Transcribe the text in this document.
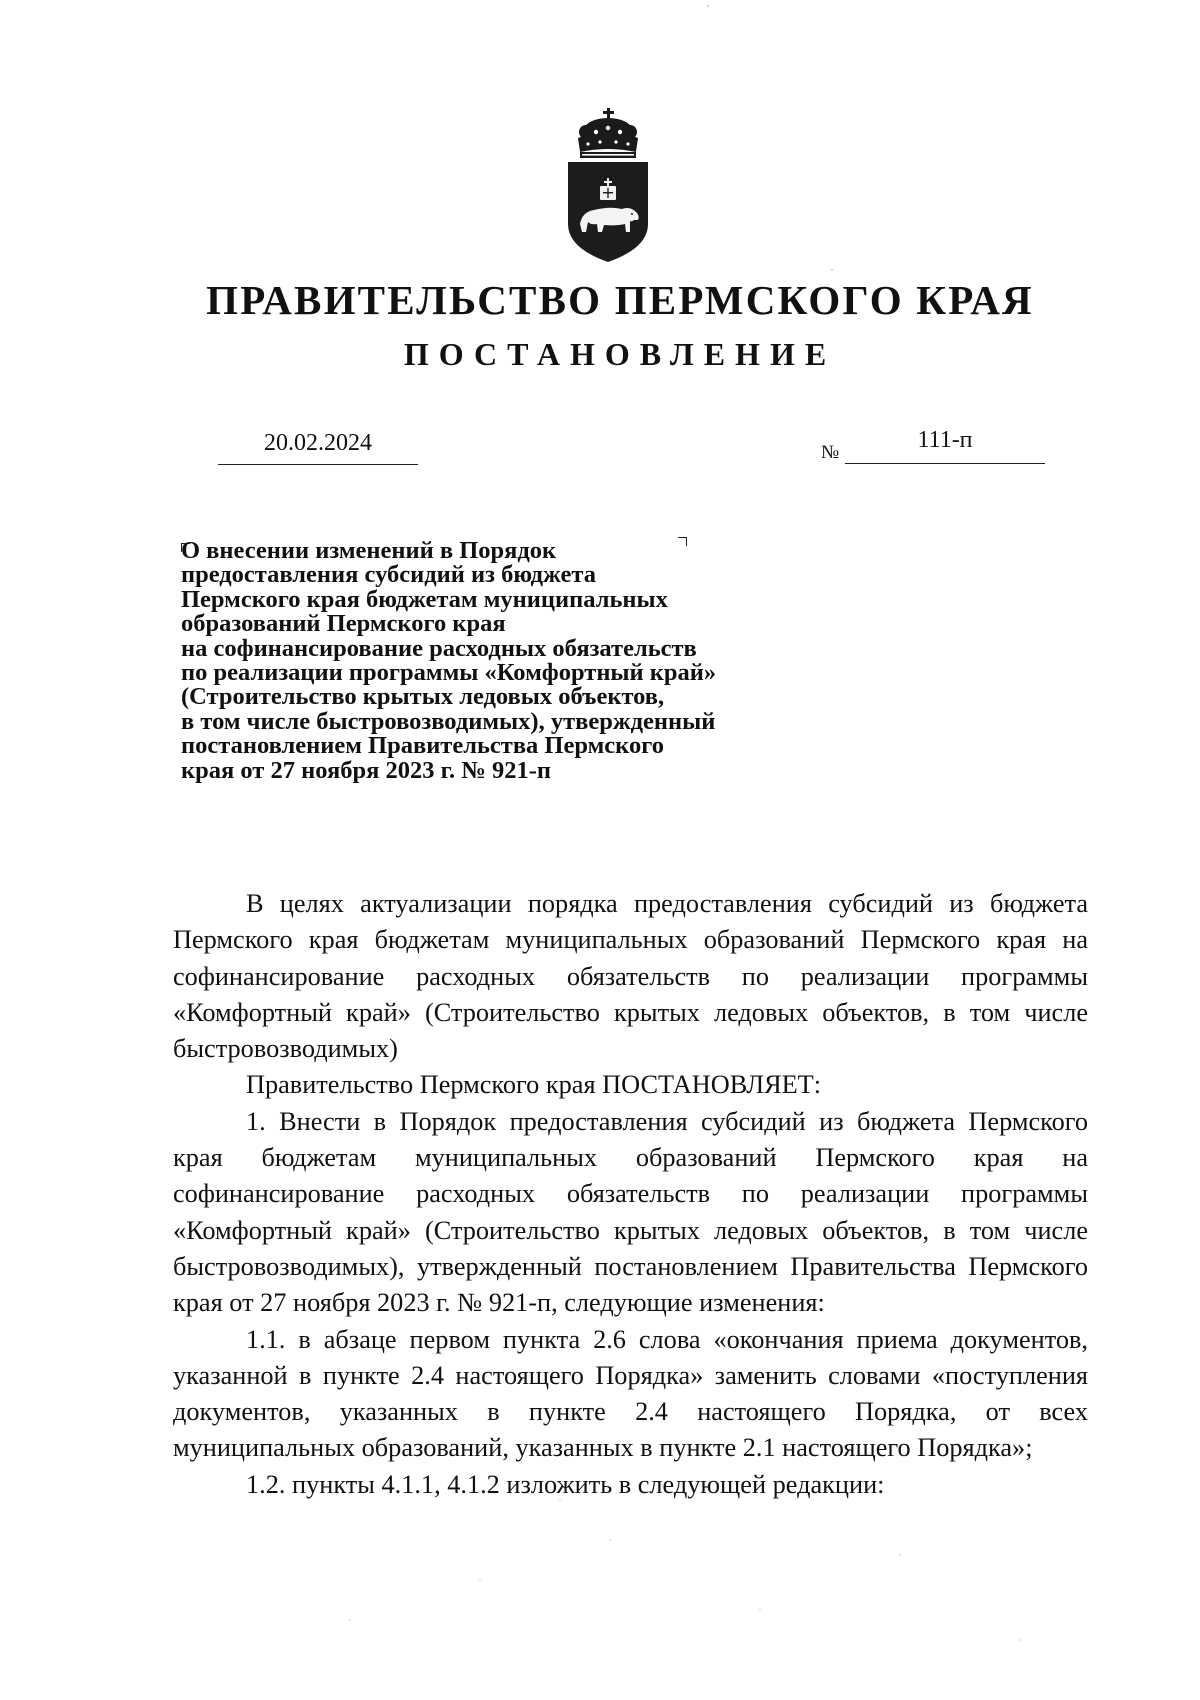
ПРАВИТЕЛЬСТВО ПЕРМСКОГО КРАЯ
ПОСТАНОВЛЕНИЕ
20.02.2024	№	111-п
О внесении изменений в Порядок
предоставления субсидий из бюджета
Пермского края бюджетам муниципальных
образований Пермского края
на софинансирование расходных обязательств
по реализации программы «Комфортный край»
(Строительство крытых ледовых объектов,
в том числе быстровозводимых), утвержденный
постановлением Правительства Пермского
края от 27 ноября 2023 г. № 921-п

В целях актуализации порядка предоставления субсидий из бюджета Пермского края бюджетам муниципальных образований Пермского края на софинансирование расходных обязательств по реализации программы «Комфортный край» (Строительство крытых ледовых объектов, в том числе быстровозводимых)

Правительство Пермского края ПОСТАНОВЛЯЕТ:

1. Внести в Порядок предоставления субсидий из бюджета Пермского края бюджетам муниципальных образований Пермского края на софинансирование расходных обязательств по реализации программы «Комфортный край» (Строительство крытых ледовых объектов, в том числе быстровозводимых), утвержденный постановлением Правительства Пермского края от 27 ноября 2023 г. № 921-п, следующие изменения:

1.1. в абзаце первом пункта 2.6 слова «окончания приема документов, указанной в пункте 2.4 настоящего Порядка» заменить словами «поступления документов, указанных в пункте 2.4 настоящего Порядка, от всех муниципальных образований, указанных в пункте 2.1 настоящего Порядка»;

1.2. пункты 4.1.1, 4.1.2 изложить в следующей редакции:
